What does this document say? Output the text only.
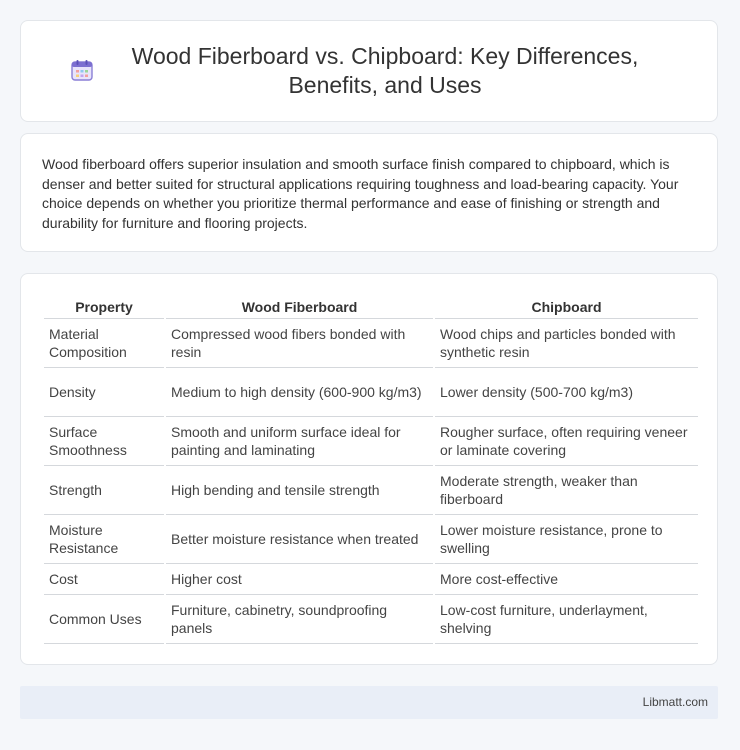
Wood Fiberboard vs. Chipboard: Key Differences, Benefits, and Uses

Wood fiberboard offers superior insulation and smooth surface finish compared to chipboard, which is denser and better suited for structural applications requiring toughness and load-bearing capacity. Your choice depends on whether you prioritize thermal performance and ease of finishing or strength and durability for furniture and flooring projects.

Property	Wood Fiberboard	Chipboard
Material Composition	Compressed wood fibers bonded with resin	Wood chips and particles bonded with synthetic resin
Density	Medium to high density (600-900 kg/m3)	Lower density (500-700 kg/m3)
Surface Smoothness	Smooth and uniform surface ideal for painting and laminating	Rougher surface, often requiring veneer or laminate covering
Strength	High bending and tensile strength	Moderate strength, weaker than fiberboard
Moisture Resistance	Better moisture resistance when treated	Lower moisture resistance, prone to swelling
Cost	Higher cost	More cost-effective
Common Uses	Furniture, cabinetry, soundproofing panels	Low-cost furniture, underlayment, shelving
Libmatt.com
